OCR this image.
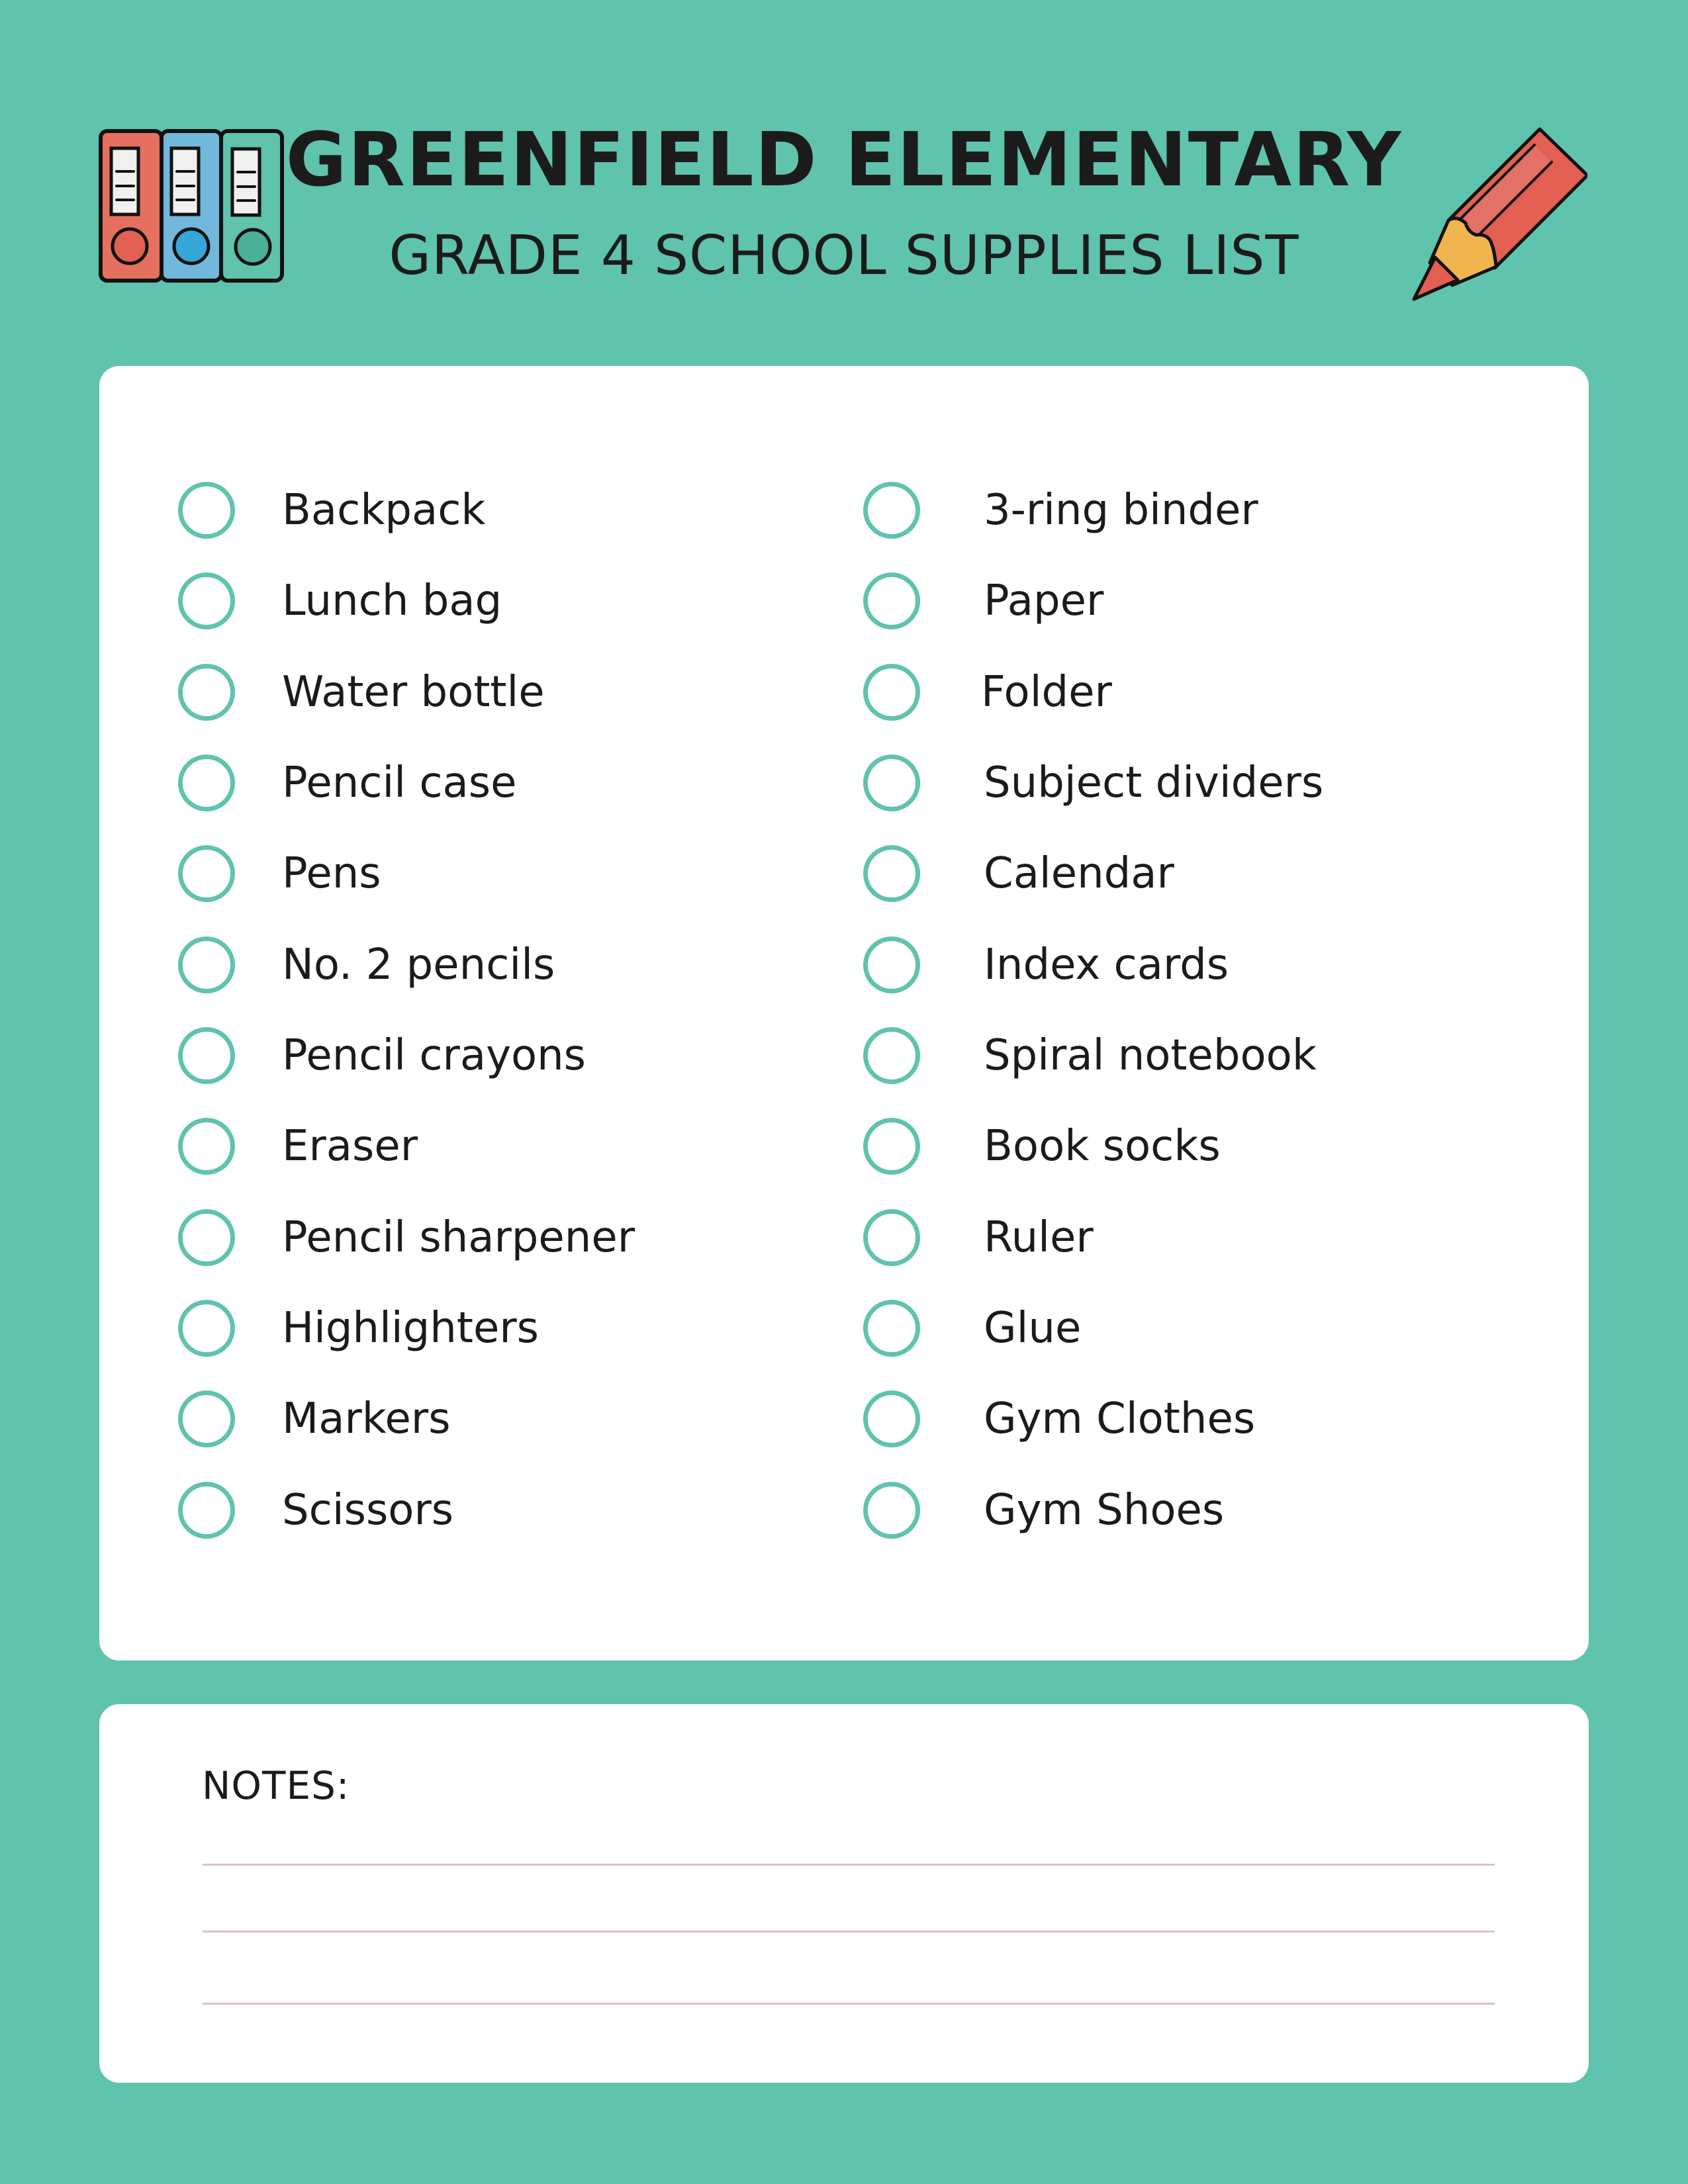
GREENFIELD ELEMENTARY
GRADE 4 SCHOOL SUPPLIES LIST
Backpack
Lunch bag
Water bottle
Pencil case
Pens
No. 2 pencils
Pencil crayons
Eraser
Pencil sharpener
Highlighters
Markers
Scissors
3-ring binder
Paper
Folder
Subject dividers
Calendar
Index cards
Spiral notebook
Book socks
Ruler
Glue
Gym Clothes
Gym Shoes
NOTES:
